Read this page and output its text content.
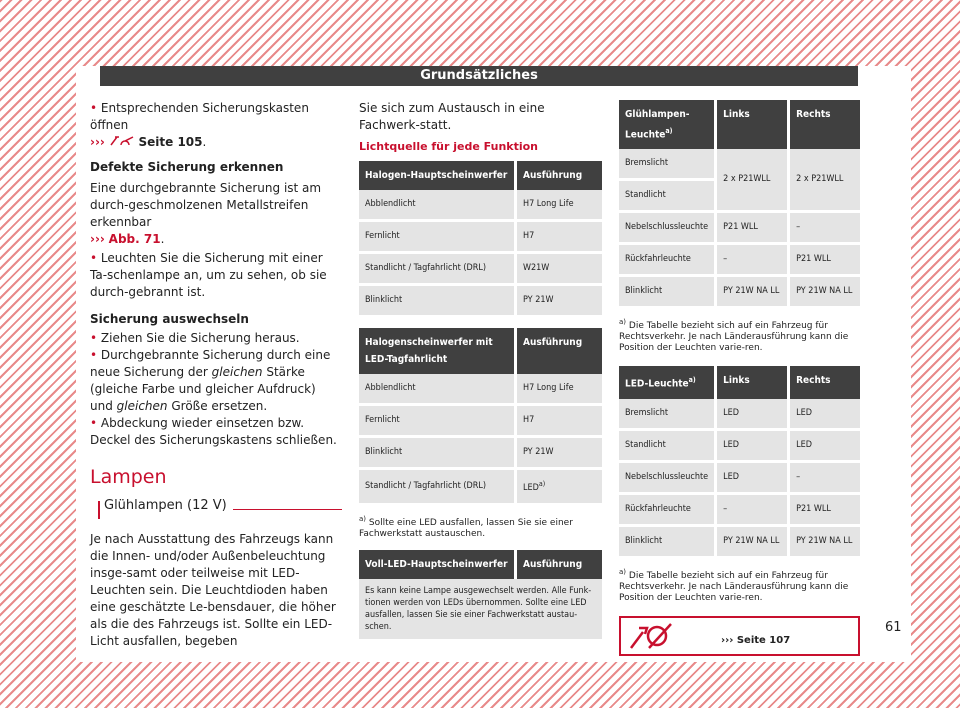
Grundsätzliches

• Entsprechenden Sicherungskasten öffnen

›››	Seite 105.

Defekte Sicherung erkennen

Eine durchgebrannte Sicherung ist am durch-geschmolzenen Metallstreifen erkennbar
››› Abb. 71.

• Leuchten Sie die Sicherung mit einer Ta-schenlampe an, um zu sehen, ob sie durch-gebrannt ist.

Sicherung auswechseln

• Ziehen Sie die Sicherung heraus.

• Durchgebrannte Sicherung durch eine neue Sicherung der gleichen Stärke (gleiche Farbe und gleicher Aufdruck) und gleichen Größe ersetzen.

• Abdeckung wieder einsetzen bzw. Deckel des Sicherungskastens schließen.

Lampen

Glühlampen (12 V)

Je nach Ausstattung des Fahrzeugs kann die Innen- und/oder Außenbeleuchtung insge-samt oder teilweise mit LED-Leuchten sein. Die Leuchtdioden haben eine geschätzte Le-bensdauer, die höher als die des Fahrzeugs ist. Sollte ein LED-Licht ausfallen, begeben

Sie sich zum Austausch in eine Fachwerk-statt.

Lichtquelle für jede Funktion

Halogen-Hauptscheinwerfer	Ausführung
Abblendlicht	H7 Long Life
Fernlicht	H7
Standlicht / Tagfahrlicht (DRL)	W21W
Blinklicht	PY 21W
Halogenscheinwerfer mit LED-Tagfahrlicht	Ausführung
Abblendlicht	H7 Long Life
Fernlicht	H7
Blinklicht	PY 21W
Standlicht / Tagfahrlicht (DRL)	LED$^{a)}$

$^{a)}$ Sollte eine LED ausfallen, lassen Sie sie einer Fachwerkstatt austauschen.

Voll-LED-Hauptscheinwerfer	Ausführung
Es kann keine Lampe ausgewechselt werden. Alle Funk-tionen werden von LEDs übernommen. Sollte eine LED ausfallen, lassen Sie sie einer Fachwerkstatt austau-schen.
Glühlampen-Leuchte$^{a)}$	Links	Rechts
Bremslicht	2 x P21WLL	2 x P21WLL
Standlicht		
Nebelschlussleuchte	P21 WLL	–
Rückfahrleuchte	–	P21 WLL
Blinklicht	PY 21W NA LL	PY 21W NA LL

$^{a)}$ Die Tabelle bezieht sich auf ein Fahrzeug für Rechtsverkehr. Je nach Länderausführung kann die Position der Leuchten varie-ren.

LED-Leuchte$^{a)}$	Links	Rechts
Bremslicht	LED	LED
Standlicht	LED	LED
Nebelschlussleuchte	LED	–
Rückfahrleuchte	–	P21 WLL
Blinklicht	PY 21W NA LL	PY 21W NA LL

$^{a)}$ Die Tabelle bezieht sich auf ein Fahrzeug für Rechtsverkehr. Je nach Länderausführung kann die Position der Leuchten varie-ren.

››› Seite 107
61
